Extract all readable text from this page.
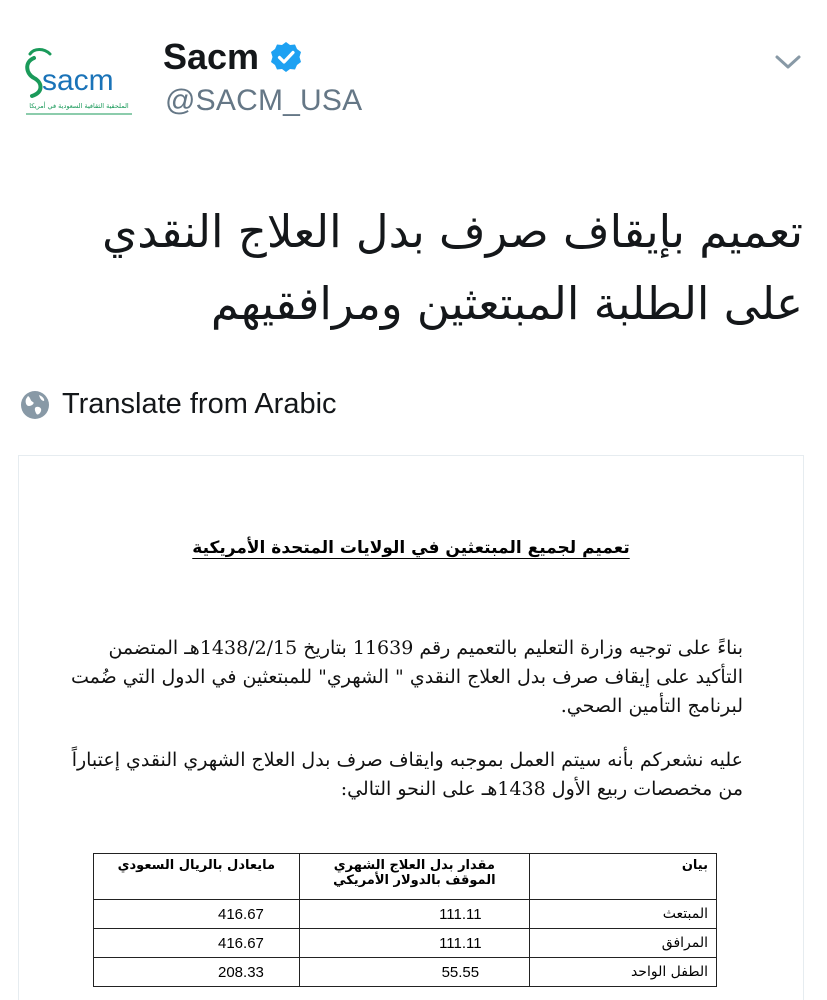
sacm
الملحقية الثقافية السعودية في أمريكا
Sacm
@SACM_USA
تعميم بإيقاف صرف بدل العلاج النقدي على الطلبة المبتعثين ومرافقيهم
Translate from Arabic
تعميم لجميع المبتعثين في الولايات المتحدة الأمريكية
بناءً على توجيه وزارة التعليم بالتعميم رقم 11639 بتاريخ 1438/2/15هـ المتضمن التأكيد على إيقاف صرف بدل العلاج النقدي " الشهري" للمبتعثين في الدول التي ضُمت لبرنامج التأمين الصحي.
عليه نشعركم بأنه سيتم العمل بموجبه وايقاف صرف بدل العلاج الشهري النقدي إعتباراً من مخصصات ربيع الأول 1438هـ على النحو التالي:
بيان	مقدار بدل العلاج الشهري الموقف بالدولار الأمريكي	مايعادل بالريال السعودي
المبتعث	111.11	416.67
المرافق	111.11	416.67
الطفل الواحد	55.55	208.33
